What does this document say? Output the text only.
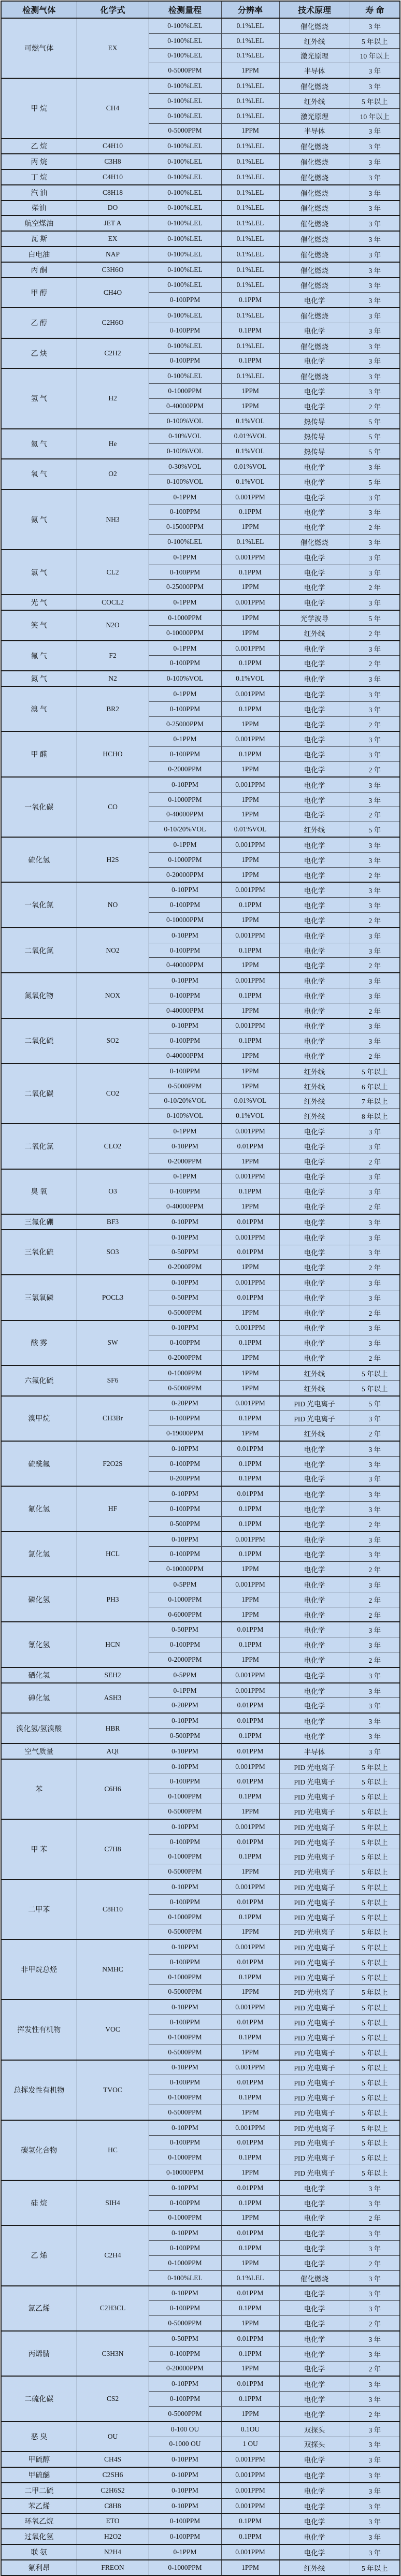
检测气体	化学式	检测量程	分辨率	技术原理	寿 命
可燃气体	EX	0-100%LEL	0.1%LEL	催化燃烧	3 年
		0-100%LEL	0.1%LEL	红外线	5 年以上
		0-100%LEL	0.1%LEL	激光原理	10 年以上
		0-5000PPM	1PPM	半导体	3 年
甲 烷	CH4	0-100%LEL	0.1%LEL	催化燃烧	3 年
		0-100%LEL	0.1%LEL	红外线	5 年以上
		0-100%LEL	0.1%LEL	激光原理	10 年以上
		0-5000PPM	1PPM	半导体	3 年
乙 烷	C4H10	0-100%LEL	0.1%LEL	催化燃烧	3 年
丙 烷	C3H8	0-100%LEL	0.1%LEL	催化燃烧	3 年
丁 烷	C4H10	0-100%LEL	0.1%LEL	催化燃烧	3 年
汽 油	C8H18	0-100%LEL	0.1%LEL	催化燃烧	3 年
柴油	DO	0-100%LEL	0.1%LEL	催化燃烧	3 年
航空煤油	JET A	0-100%LEL	0.1%LEL	催化燃烧	3 年
瓦 斯	EX	0-100%LEL	0.1%LEL	催化燃烧	3 年
白电油	NAP	0-100%LEL	0.1%LEL	催化燃烧	3 年
丙 酮	C3H6O	0-100%LEL	0.1%LEL	催化燃烧	3 年
甲 醇	CH4O	0-100%LEL	0.1%LEL	催化燃烧	3 年
		0-100PPM	0.1PPM	电化学	3 年
乙 醇	C2H6O	0-100%LEL	0.1%LEL	催化燃烧	3 年
		0-100PPM	0.1PPM	电化学	3 年
乙 炔	C2H2	0-100%LEL	0.1%LEL	催化燃烧	3 年
		0-100PPM	0.1PPM	电化学	3 年
氢 气	H2	0-100%LEL	0.1%LEL	催化燃烧	3 年
		0-1000PPM	1PPM	电化学	3 年
		0-40000PPM	1PPM	电化学	2 年
		0-100%VOL	0.1%VOL	热传导	5 年
氦 气	He	0-10%VOL	0.01%VOL	热传导	5 年
		0-100%VOL	0.1%VOL	热传导	5 年
氧 气	O2	0-30%VOL	0.01%VOL	电化学	3 年
		0-100%VOL	0.1%VOL	电化学	5 年
氨 气	NH3	0-1PPM	0.001PPM	电化学	3 年
		0-100PPM	0.1PPM	电化学	3 年
		0-15000PPM	1PPM	电化学	2 年
		0-100%LEL	0.1%LEL	催化燃烧	3 年
氯 气	CL2	0-1PPM	0.001PPM	电化学	3 年
		0-100PPM	0.1PPM	电化学	3 年
		0-25000PPM	1PPM	电化学	2 年
光 气	COCL2	0-1PPM	0.001PPM	电化学	3 年
笑 气	N2O	0-1000PPM	1PPM	光学波导	5 年
		0-10000PPM	1PPM	红外线	2 年
氟 气	F2	0-1PPM	0.001PPM	电化学	3 年
		0-100PPM	0.1PPM	电化学	2 年
氮 气	N2	0-100%VOL	0.1%VOL	电化学	3 年
溴 气	BR2	0-1PPM	0.001PPM	电化学	3 年
		0-100PPM	0.1PPM	电化学	3 年
		0-25000PPM	1PPM	电化学	2 年
甲 醛	HCHO	0-1PPM	0.001PPM	电化学	3 年
		0-100PPM	0.1PPM	电化学	3 年
		0-2000PPM	1PPM	电化学	2 年
一氧化碳	CO	0-10PPM	0.001PPM	电化学	3 年
		0-1000PPM	1PPM	电化学	3 年
		0-40000PPM	1PPM	电化学	2 年
		0-10/20%VOL	0.01%VOL	红外线	5 年
硫化氢	H2S	0-1PPM	0.001PPM	电化学	3 年
		0-1000PPM	1PPM	电化学	3 年
		0-20000PPM	1PPM	电化学	2 年
一氧化氮	NO	0-10PPM	0.001PPM	电化学	3 年
		0-100PPM	0.1PPM	电化学	3 年
		0-10000PPM	1PPM	电化学	2 年
二氧化氮	NO2	0-10PPM	0.001PPM	电化学	3 年
		0-100PPM	0.1PPM	电化学	3 年
		0-40000PPM	1PPM	电化学	2 年
氮氧化物	NOX	0-10PPM	0.001PPM	电化学	3 年
		0-100PPM	0.1PPM	电化学	3 年
		0-40000PPM	1PPM	电化学	2 年
二氧化硫	SO2	0-10PPM	0.001PPM	电化学	3 年
		0-100PPM	0.1PPM	电化学	3 年
		0-40000PPM	1PPM	电化学	2 年
二氧化碳	CO2	0-100PPM	1PPM	红外线	5 年以上
		0-5000PPM	1PPM	红外线	6 年以上
		0-10/20%VOL	0.01%VOL	红外线	7 年以上
		0-100%VOL	0.1%VOL	红外线	8 年以上
二氧化氯	CLO2	0-1PPM	0.001PPM	电化学	3 年
		0-10PPM	0.01PPM	电化学	3 年
		0-2000PPM	1PPM	电化学	2 年
臭 氧	O3	0-1PPM	0.001PPM	电化学	3 年
		0-100PPM	0.1PPM	电化学	3 年
		0-40000PPM	1PPM	电化学	2 年
三氟化硼	BF3	0-10PPM	0.01PPM	电化学	3 年
三氧化硫	SO3	0-10PPM	0.001PPM	电化学	3 年
		0-50PPM	0.01PPM	电化学	3 年
		0-2000PPM	1PPM	电化学	2 年
三氯氧磷	POCL3	0-10PPM	0.001PPM	电化学	3 年
		0-50PPM	0.01PPM	电化学	3 年
		0-5000PPM	1PPM	电化学	2 年
酸 雾	SW	0-10PPM	0.001PPM	电化学	3 年
		0-100PPM	0.1PPM	电化学	3 年
		0-2000PPM	1PPM	电化学	2 年
六氟化硫	SF6	0-1000PPM	1PPM	红外线	5 年以上
		0-5000PPM	1PPM	红外线	5 年以上
溴甲烷	CH3Br	0-20PPM	0.001PPM	PID 光电离子	5 年
		0-100PPM	0.1PPM	PID 光电离子	3 年
		0-19000PPM	1PPM	红外线	2 年
硫酰氟	F2O2S	0-10PPM	0.01PPM	电化学	3 年
		0-100PPM	0.1PPM	电化学	3 年
		0-200PPM	0.1PPM	电化学	3 年
氟化氢	HF	0-10PPM	0.01PPM	电化学	3 年
		0-100PPM	0.1PPM	电化学	3 年
		0-500PPM	0.1PPM	电化学	2 年
氯化氢	HCL	0-10PPM	0.001PPM	电化学	3 年
		0-100PPM	0.1PPM	电化学	3 年
		0-10000PPM	1PPM	电化学	2 年
磷化氢	PH3	0-5PPM	0.001PPM	电化学	3 年
		0-1000PPM	1PPM	电化学	2 年
		0-6000PPM	1PPM	电化学	2 年
氰化氢	HCN	0-50PPM	0.01PPM	电化学	3 年
		0-100PPM	0.1PPM	电化学	3 年
		0-2000PPM	1PPM	电化学	2 年
硒化氢	SEH2	0-5PPM	0.001PPM	电化学	3 年
砷化氢	ASH3	0-1PPM	0.001PPM	电化学	3 年
		0-20PPM	0.01PPM	电化学	3 年
溴化氢/氢溴酸	HBR	0-10PPM	0.01PPM	电化学	3 年
		0-500PPM	0.1PPM	电化学	3 年
空气质量	AQI	0-10PPM	0.01PPM	半导体	3 年
苯	C6H6	0-10PPM	0.001PPM	PID 光电离子	5 年以上
		0-100PPM	0.01PPM	PID 光电离子	5 年以上
		0-1000PPM	0.1PPM	PID 光电离子	5 年以上
		0-5000PPM	1PPM	PID 光电离子	5 年以上
甲 苯	C7H8	0-10PPM	0.001PPM	PID 光电离子	5 年以上
		0-100PPM	0.01PPM	PID 光电离子	5 年以上
		0-1000PPM	0.1PPM	PID 光电离子	5 年以上
		0-5000PPM	1PPM	PID 光电离子	5 年以上
二甲苯	C8H10	0-10PPM	0.001PPM	PID 光电离子	5 年以上
		0-100PPM	0.01PPM	PID 光电离子	5 年以上
		0-1000PPM	0.1PPM	PID 光电离子	5 年以上
		0-5000PPM	1PPM	PID 光电离子	5 年以上
非甲烷总烃	NMHC	0-10PPM	0.001PPM	PID 光电离子	5 年以上
		0-100PPM	0.01PPM	PID 光电离子	5 年以上
		0-1000PPM	0.1PPM	PID 光电离子	5 年以上
		0-5000PPM	1PPM	PID 光电离子	5 年以上
挥发性有机物	VOC	0-10PPM	0.001PPM	PID 光电离子	5 年以上
		0-100PPM	0.01PPM	PID 光电离子	5 年以上
		0-1000PPM	0.1PPM	PID 光电离子	5 年以上
		0-5000PPM	1PPM	PID 光电离子	5 年以上
总挥发性有机物	TVOC	0-10PPM	0.001PPM	PID 光电离子	5 年以上
		0-100PPM	0.01PPM	PID 光电离子	5 年以上
		0-1000PPM	0.1PPM	PID 光电离子	5 年以上
		0-5000PPM	1PPM	PID 光电离子	5 年以上
碳氢化合物	HC	0-10PPM	0.001PPM	PID 光电离子	5 年以上
		0-100PPM	0.01PPM	PID 光电离子	5 年以上
		0-1000PPM	0.1PPM	PID 光电离子	5 年以上
		0-10000PPM	1PPM	PID 光电离子	5 年以上
硅 烷	SIH4	0-10PPM	0.01PPM	电化学	3 年
		0-100PPM	0.1PPM	电化学	3 年
		0-1000PPM	1PPM	电化学	2 年
乙 烯	C2H4	0-10PPM	0.01PPM	电化学	3 年
		0-100PPM	0.1PPM	电化学	3 年
		0-1000PPM	1PPM	电化学	2 年
		0-100%LEL	0.1%LEL	催化燃烧	3 年
氯乙烯	C2H3CL	0-10PPM	0.01PPM	电化学	3 年
		0-100PPM	0.1PPM	电化学	3 年
		0-5000PPM	1PPM	电化学	2 年
丙烯腈	C3H3N	0-50PPM	0.01PPM	电化学	3 年
		0-100PPM	0.1PPM	电化学	3 年
		0-20000PPM	1PPM	电化学	2 年
二硫化碳	CS2	0-10PPM	0.01PPM	电化学	3 年
		0-100PPM	0.1PPM	电化学	3 年
		0-5000PPM	1PPM	电化学	2 年
恶 臭	OU	0-100 OU	0.1OU	双探头	3 年
		0-1000 OU	1 OU	双探头	3 年
甲硫醇	CH4S	0-10PPM	0.001PPM	电化学	3 年
甲硫醚	C2SH6	0-10PPM	0.001PPM	电化学	3 年
二甲二硫	C2H6S2	0-10PPM	0.001PPM	电化学	3 年
苯乙烯	C8H8	0-10PPM	0.001PPM	电化学	3 年
环氧乙烷	ETO	0-100PPM	0.1PPM	电化学	3 年
过氧化氢	H2O2	0-100PPM	0.1PPM	电化学	3 年
联 氨	N2H4	0-1PPM	0.001PPM	电化学	3 年
氟利昂	FREON	0-1000PPM	1PPM	红外线	5 年以上
